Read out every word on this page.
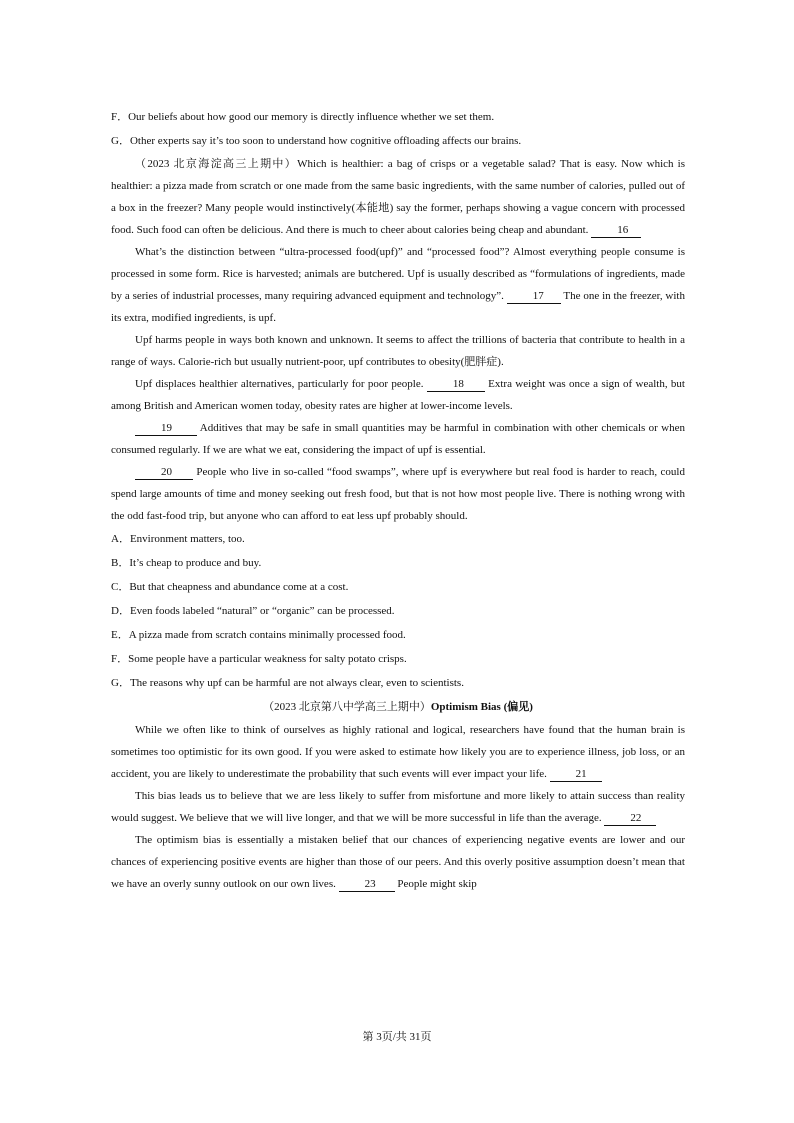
F．Our beliefs about how good our memory is directly influence whether we set them.

G．Other experts say it’s too soon to understand how cognitive offloading affects our brains.

（2023 北京海淀高三上期中）Which is healthier: a bag of crisps or a vegetable salad? That is easy. Now which is healthier: a pizza made from scratch or one made from the same basic ingredients, with the same number of calories, pulled out of a box in the freezer? Many people would instinctively(本能地) say the former, perhaps showing a vague concern with processed food. Such food can often be delicious. And there is much to cheer about calories being cheap and abundant. 16

What’s the distinction between “ultra-processed food(upf)” and “processed food”? Almost everything people consume is processed in some form. Rice is harvested; animals are butchered. Upf is usually described as “formulations of ingredients, made by a series of industrial processes, many requiring advanced equipment and technology”. 17 The one in the freezer, with its extra, modified ingredients, is upf.

Upf harms people in ways both known and unknown. It seems to affect the trillions of bacteria that contribute to health in a range of ways. Calorie-rich but usually nutrient-poor, upf contributes to obesity(肥胖症).

Upf displaces healthier alternatives, particularly for poor people. 18 Extra weight was once a sign of wealth, but among British and American women today, obesity rates are higher at lower-income levels.

19 Additives that may be safe in small quantities may be harmful in combination with other chemicals or when consumed regularly. If we are what we eat, considering the impact of upf is essential.

20 People who live in so-called “food swamps”, where upf is everywhere but real food is harder to reach, could spend large amounts of time and money seeking out fresh food, but that is not how most people live. There is nothing wrong with the odd fast-food trip, but anyone who can afford to eat less upf probably should.

A．Environment matters, too.

B．It’s cheap to produce and buy.

C．But that cheapness and abundance come at a cost.

D．Even foods labeled “natural” or “organic” can be processed.

E．A pizza made from scratch contains minimally processed food.

F．Some people have a particular weakness for salty potato crisps.

G．The reasons why upf can be harmful are not always clear, even to scientists.

（2023 北京第八中学高三上期中）Optimism Bias (偏见)

While we often like to think of ourselves as highly rational and logical, researchers have found that the human brain is sometimes too optimistic for its own good. If you were asked to estimate how likely you are to experience illness, job loss, or an accident, you are likely to underestimate the probability that such events will ever impact your life. 21

This bias leads us to believe that we are less likely to suffer from misfortune and more likely to attain success than reality would suggest. We believe that we will live longer, and that we will be more successful in life than the average. 22

The optimism bias is essentially a mistaken belief that our chances of experiencing negative events are lower and our chances of experiencing positive events are higher than those of our peers. And this overly positive assumption doesn’t mean that we have an overly sunny outlook on our own lives. 23 People might skip

第 3页/共 31页
